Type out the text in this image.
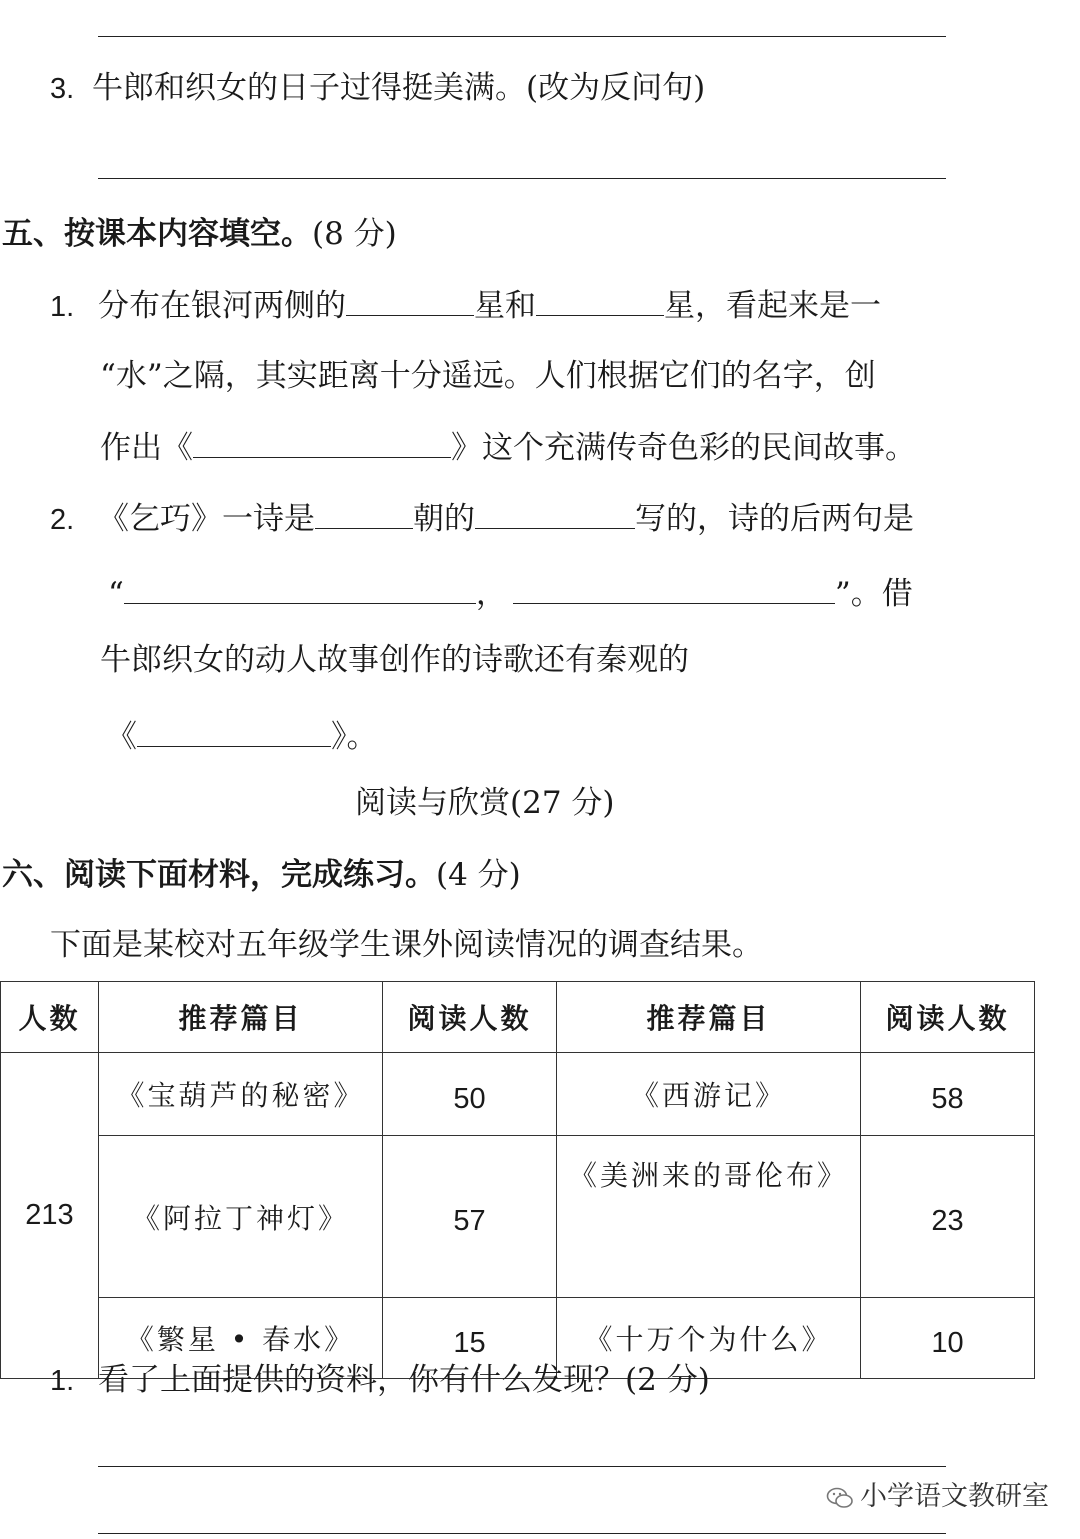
3. 牛郎和织女的日子过得挺美满。(改为反问句)
五、按课本内容填空。(8 分)
1. 分布在银河两侧的	星和	星，看起来是一
“水”之隔，其实距离十分遥远。人们根据它们的名字，创
作出《	》这个充满传奇色彩的民间故事。
2. 《乞巧》一诗是	朝的	写的，诗的后两句是
“	，	”。借
牛郎织女的动人故事创作的诗歌还有秦观的
《	》。
阅读与欣赏(27 分)
六、阅读下面材料，完成练习。(4 分)
下面是某校对五年级学生课外阅读情况的调查结果。
人数	推荐篇目	阅读人数	推荐篇目	阅读人数
213	《宝葫芦的秘密》	50	《西游记》	58
	《阿拉丁神灯》	57	《美洲来的哥伦布》	23
	《繁星 • 春水》	15	《十万个为什么》	10
1. 看了上面提供的资料，你有什么发现？(2 分)
小学语文教研室
